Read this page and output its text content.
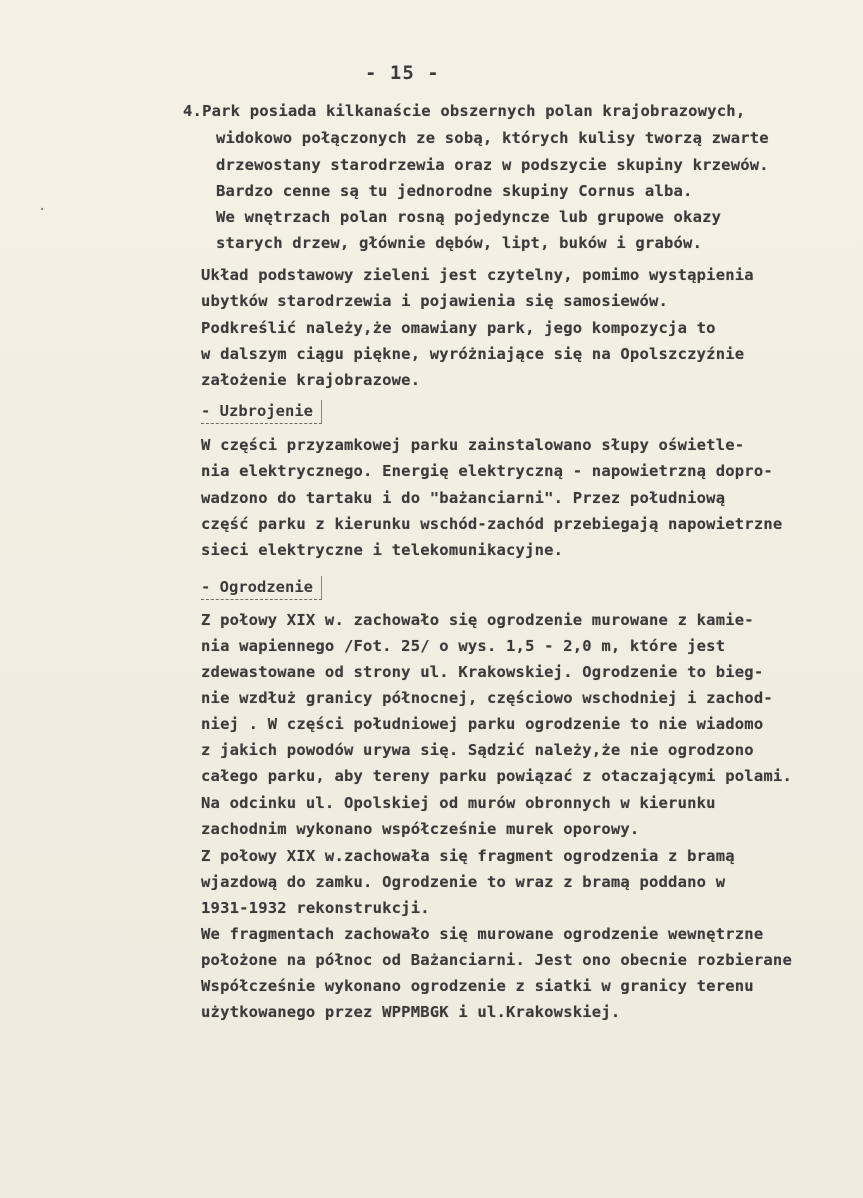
- 15 -
·
4.Park posiada kilkanaście obszernych polan krajobrazowych,
widokowo połączonych ze sobą, których kulisy tworzą zwarte
drzewostany starodrzewia oraz w podszycie skupiny krzewów.
Bardzo cenne są tu jednorodne skupiny Cornus alba.
We wnętrzach polan rosną pojedyncze lub grupowe okazy
starych drzew, głównie dębów, lipt, buków i grabów.
Układ podstawowy zieleni jest czytelny, pomimo wystąpienia
ubytków starodrzewia i pojawienia się samosiewów.
Podkreślić należy,że omawiany park, jego kompozycja to
w dalszym ciągu piękne, wyróżniające się na Opolszczyźnie
założenie krajobrazowe.
- Uzbrojenie
W części przyzamkowej parku zainstalowano słupy oświetle-
nia elektrycznego. Energię elektryczną - napowietrzną dopro-
wadzono do tartaku i do "bażanciarni". Przez południową
część parku z kierunku wschód-zachód przebiegają napowietrzne
sieci elektryczne i telekomunikacyjne.
- Ogrodzenie
Z połowy XIX w. zachowało się ogrodzenie murowane z kamie-
nia wapiennego /Fot. 25/ o wys. 1,5 - 2,0 m, które jest
zdewastowane od strony ul. Krakowskiej. Ogrodzenie to bieg-
nie wzdłuż granicy północnej, częściowo wschodniej i zachod-
niej . W części południowej parku ogrodzenie to nie wiadomo
z jakich powodów urywa się. Sądzić należy,że nie ogrodzono
całego parku, aby tereny parku powiązać z otaczającymi polami.
Na odcinku ul. Opolskiej od murów obronnych w kierunku
zachodnim wykonano współcześnie murek oporowy.
Z połowy XIX w.zachowała się fragment ogrodzenia z bramą
wjazdową do zamku. Ogrodzenie to wraz z bramą poddano w
1931-1932 rekonstrukcji.
We fragmentach zachowało się murowane ogrodzenie wewnętrzne
położone na północ od Bażanciarni. Jest ono obecnie rozbierane
Współcześnie wykonano ogrodzenie z siatki w granicy terenu
użytkowanego przez WPPMBGK i ul.Krakowskiej.
